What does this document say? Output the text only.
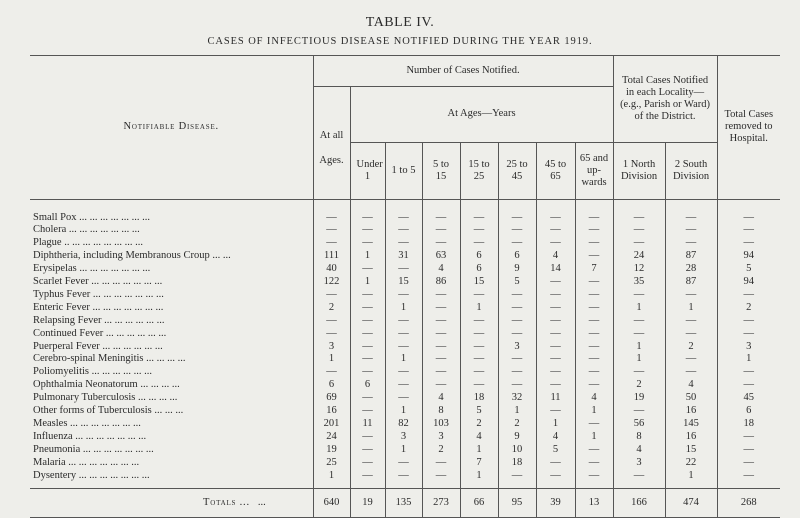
TABLE IV.
CASES OF INFECTIOUS DISEASE NOTIFIED DURING THE YEAR 1919.
Notifiable Disease.	Number of Cases Notified.								Total Cases Notified in each Locality—(e.g., Parish or Ward) of the District.		Total Cases removed to Hospital.
	At all	At Ages—Years									

	Ages.	Under 1	1 to 5	5 to 15	15 to 25	25 to 45	45 to 65	65 and up-wards	1 North Division	2 South Division	

Small Pox ... ... ... ... ... ... ...	—	—	—	—	—	—	—	—	—	—	—
Cholera ... ... ... ... ... ... ...	—	—	—	—	—	—	—	—	—	—	—
Plague .. ... ... ... ... ... ... ...	—	—	—	—	—	—	—	—	—	—	—
Diphtheria, including Membranous Croup ... ...	111	1	31	63	6	6	4	—	24	87	94
Erysipelas ... ... ... ... ... ... ...	40	—	—	4	6	9	14	7	12	28	5
Scarlet Fever ... ... ... ... ... ... ...	122	1	15	86	15	5	—	—	35	87	94
Typhus Fever ... ... ... ... ... ... ...	—	—	—	—	—	—	—	—	—	—	—
Enteric Fever ... ... ... ... ... ... ...	2	—	1	—	1	—	—	—	1	1	2
Relapsing Fever ... ... ... ... ... ...	—	—	—	—	—	—	—	—	—	—	—
Continued Fever ... ... ... ... ... ...	—	—	—	—	—	—	—	—	—	—	—
Puerperal Fever ... ... ... ... ... ...	3	—	—	—	—	3	—	—	1	2	3
Cerebro-spinal Meningitis ... ... ... ...	1	—	1	—	—	—	—	—	1	—	1
Poliomyelitis ... ... ... ... ... ...	—	—	—	—	—	—	—	—	—	—	—
Ophthalmia Neonatorum ... ... ... ...	6	6	—	—	—	—	—	—	2	4	—
Pulmonary Tuberculosis ... ... ... ...	69	—	—	4	18	32	11	4	19	50	45
Other forms of Tuberculosis ... ... ...	16	—	1	8	5	1	—	1	—	16	6
Measles ... ... ... ... ... ... ...	201	11	82	103	2	2	1	—	56	145	18
Influenza ... ... ... ... ... ... ...	24	—	3	3	4	9	4	1	8	16	—
Pneumonia ... ... ... ... ... ... ...	19	—	1	2	1	10	5	—	4	15	—
Malaria ... ... ... ... ... ... ...	25	—	—	—	7	18	—	—	3	22	—
Dysentery ... ... ... ... ... ... ...	1	—	—	—	1	—	—	—	—	1	—

Totals ... ...	640	19	135	273	66	95	39	13	166	474	268
